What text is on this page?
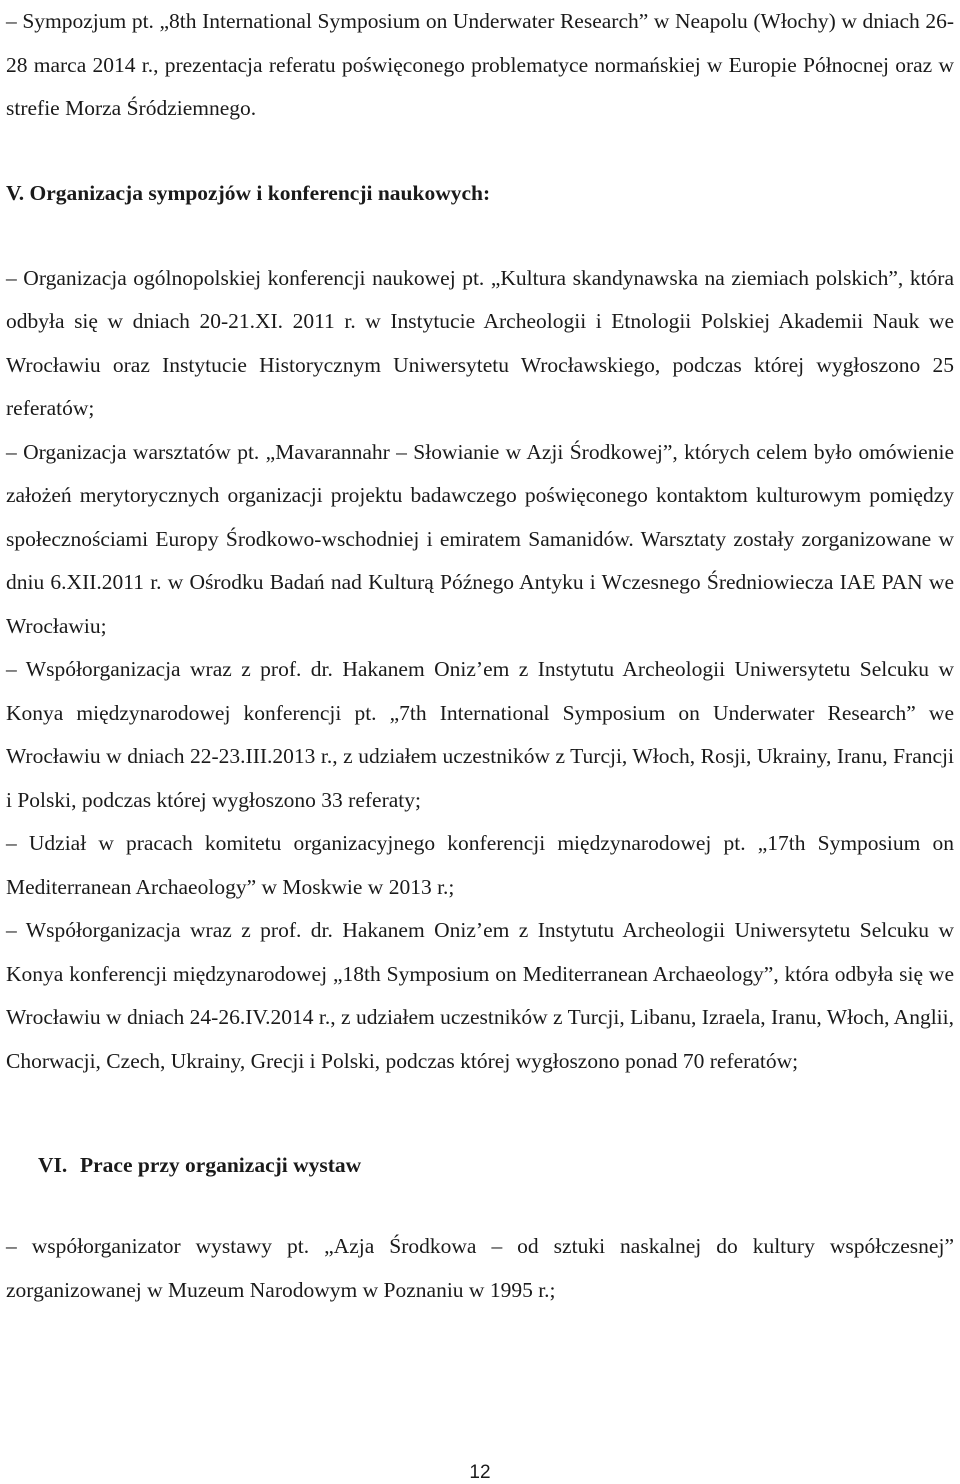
– Sympozjum pt. „8th International Symposium on Underwater Research” w Neapolu (Włochy) w dniach 26-28 marca 2014 r., prezentacja referatu poświęconego problematyce normańskiej w Europie Północnej oraz w strefie Morza Śródziemnego.

V. Organizacja sympozjów i konferencji naukowych:

– Organizacja ogólnopolskiej konferencji naukowej pt. „Kultura skandynawska na ziemiach polskich”, która odbyła się w dniach 20-21.XI. 2011 r. w Instytucie Archeologii i Etnologii Polskiej Akademii Nauk we Wrocławiu oraz Instytucie Historycznym Uniwersytetu Wrocławskiego, podczas której wygłoszono 25 referatów;

– Organizacja warsztatów pt. „Mavarannahr – Słowianie w Azji Środkowej”, których celem było omówienie założeń merytorycznych organizacji projektu badawczego poświęconego kontaktom kulturowym pomiędzy społecznościami Europy Środkowo-wschodniej i emiratem Samanidów. Warsztaty zostały zorganizowane w dniu 6.XII.2011 r. w Ośrodku Badań nad Kulturą Późnego Antyku i Wczesnego Średniowiecza IAE PAN we Wrocławiu;

– Współorganizacja wraz z prof. dr. Hakanem Oniz’em z Instytutu Archeologii Uniwersytetu Selcuku w Konya międzynarodowej konferencji pt. „7th International Symposium on Underwater Research” we Wrocławiu w dniach 22-23.III.2013 r., z udziałem uczestników z Turcji, Włoch, Rosji, Ukrainy, Iranu, Francji i Polski, podczas której wygłoszono 33 referaty;

– Udział w pracach komitetu organizacyjnego konferencji międzynarodowej pt. „17th Symposium on Mediterranean Archaeology” w Moskwie w 2013 r.;

– Współorganizacja wraz z prof. dr. Hakanem Oniz’em z Instytutu Archeologii Uniwersytetu Selcuku w Konya konferencji międzynarodowej „18th Symposium on Mediterranean Archaeology”, która odbyła się we Wrocławiu w dniach 24-26.IV.2014 r., z udziałem uczestników z Turcji, Libanu, Izraela, Iranu, Włoch, Anglii, Chorwacji, Czech, Ukrainy, Grecji i Polski, podczas której wygłoszono ponad 70 referatów;

VI. Prace przy organizacji wystaw

– współorganizator wystawy pt. „Azja Środkowa – od sztuki naskalnej do kultury współczesnej” zorganizowanej w Muzeum Narodowym w Poznaniu w 1995 r.;

12
